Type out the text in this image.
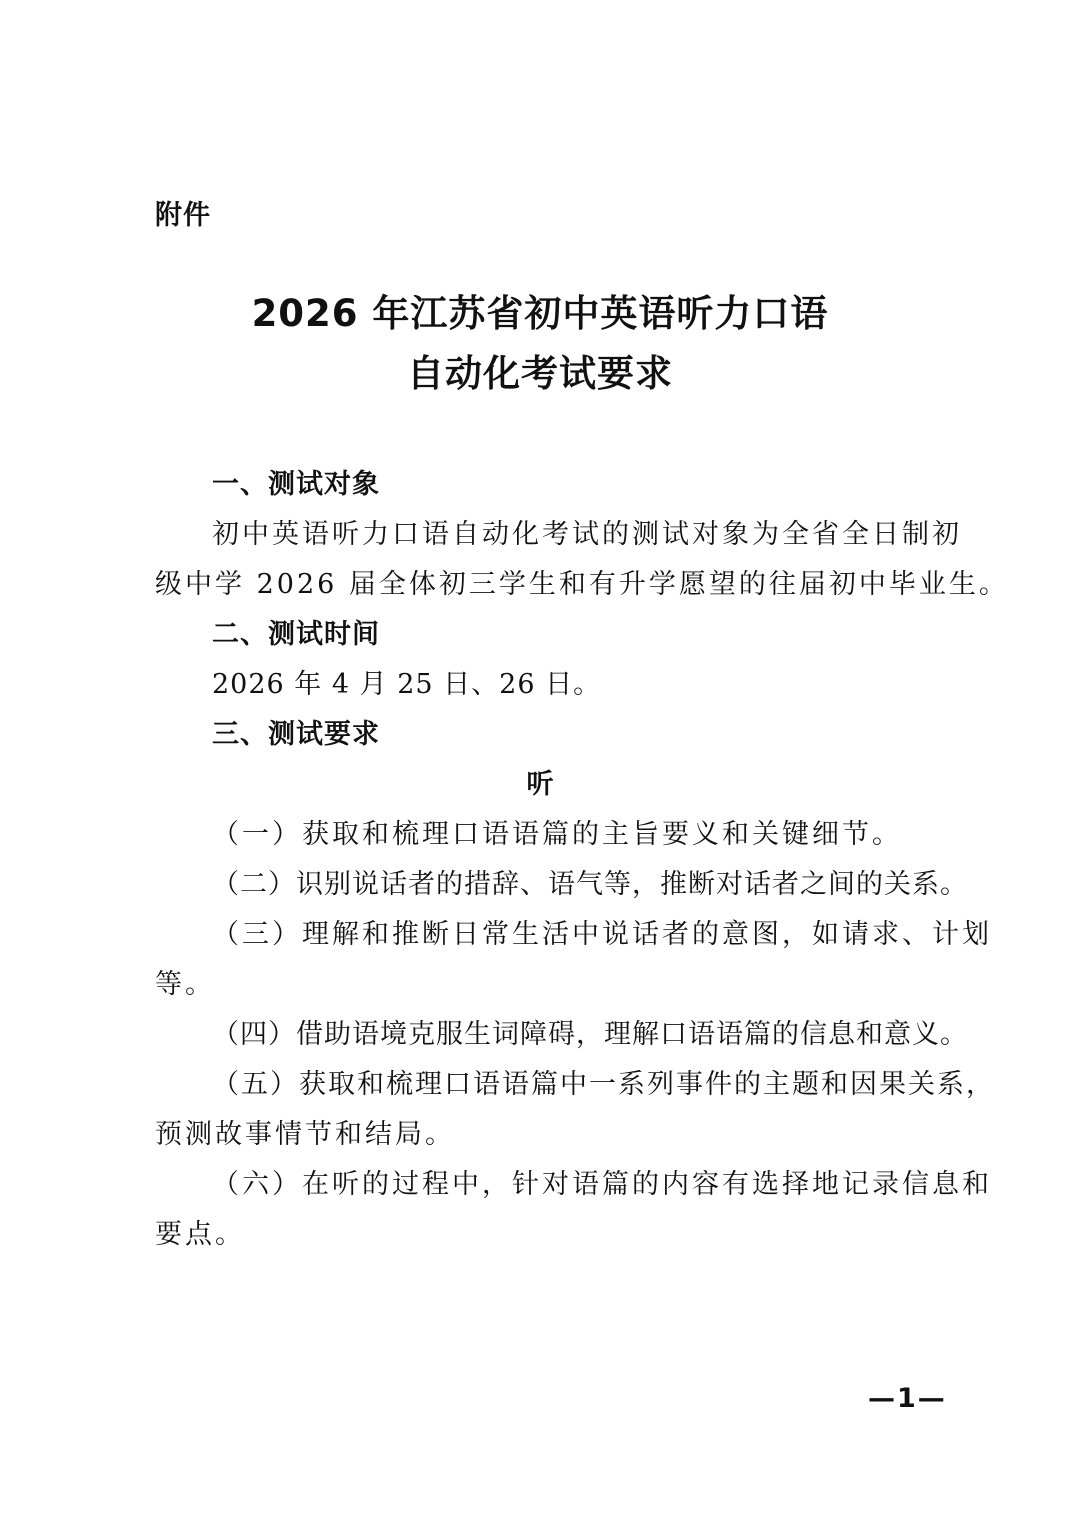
附件
2026 年江苏省初中英语听力口语
自动化考试要求
一、测试对象
初中英语听力口语自动化考试的测试对象为全省全日制初
级中学 2026 届全体初三学生和有升学愿望的往届初中毕业生。
二、测试时间
2026 年 4 月 25 日、26 日。
三、测试要求
听
（一）获取和梳理口语语篇的主旨要义和关键细节。
（二）识别说话者的措辞、语气等，推断对话者之间的关系。
（三）理解和推断日常生活中说话者的意图，如请求、计划
等。
（四）借助语境克服生词障碍，理解口语语篇的信息和意义。
（五）获取和梳理口语语篇中一系列事件的主题和因果关系，
预测故事情节和结局。
（六）在听的过程中，针对语篇的内容有选择地记录信息和
要点。
—1—
